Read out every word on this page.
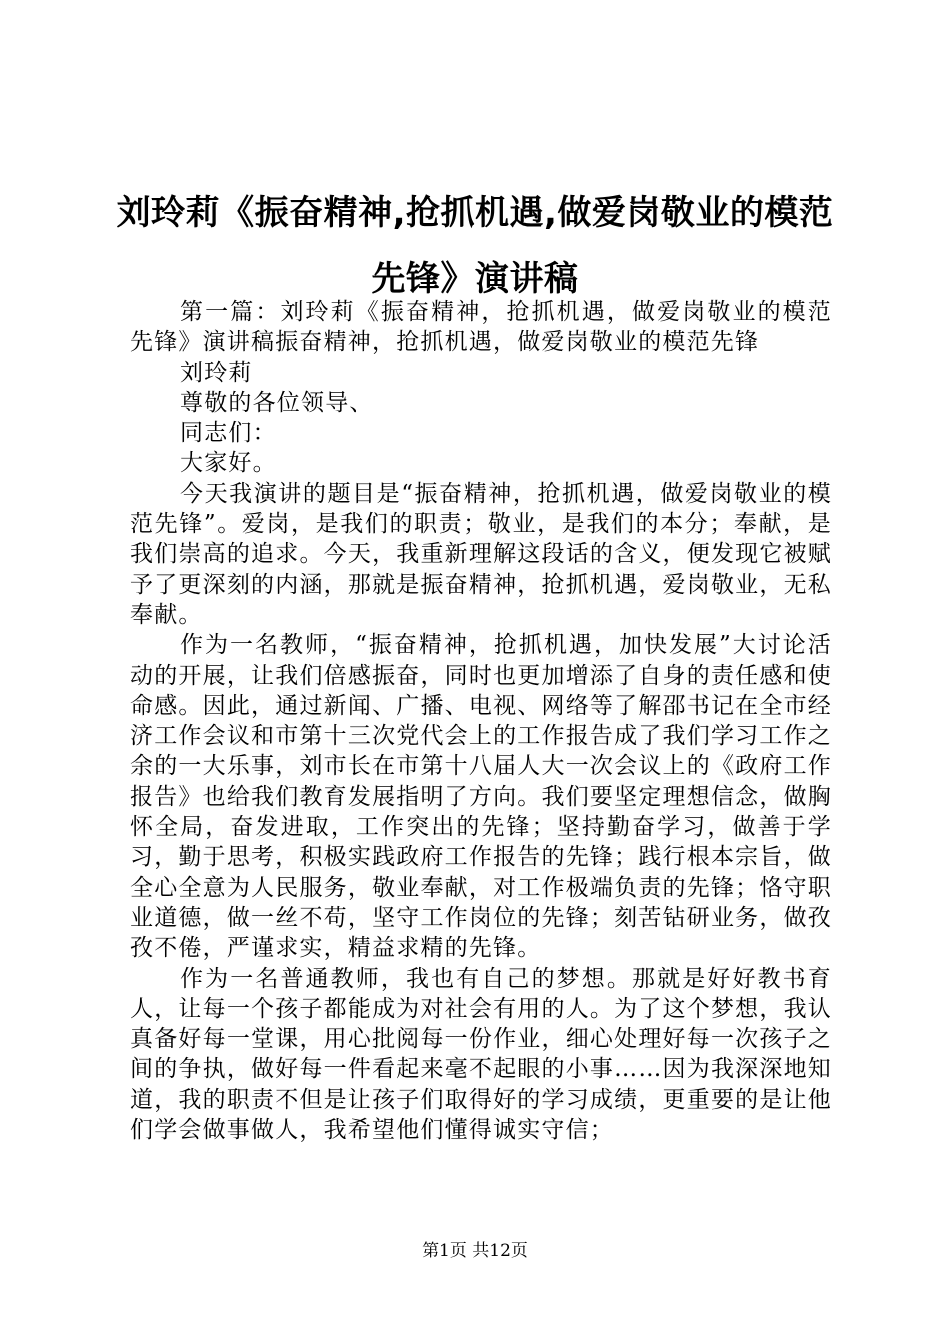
刘玲莉《振奋精神,抢抓机遇,做爱岗敬业的模范先锋》演讲稿

第一篇：刘玲莉《振奋精神，抢抓机遇，做爱岗敬业的模范先锋》演讲稿振奋精神，抢抓机遇，做爱岗敬业的模范先锋

刘玲莉

尊敬的各位领导、

同志们：

大家好。

今天我演讲的题目是“振奋精神，抢抓机遇，做爱岗敬业的模范先锋”。爱岗，是我们的职责；敬业，是我们的本分；奉献，是我们崇高的追求。今天，我重新理解这段话的含义，便发现它被赋予了更深刻的内涵，那就是振奋精神，抢抓机遇，爱岗敬业，无私奉献。

作为一名教师，“振奋精神，抢抓机遇，加快发展”大讨论活动的开展，让我们倍感振奋，同时也更加增添了自身的责任感和使命感。因此，通过新闻、广播、电视、网络等了解邵书记在全市经济工作会议和市第十三次党代会上的工作报告成了我们学习工作之余的一大乐事，刘市长在市第十八届人大一次会议上的《政府工作报告》也给我们教育发展指明了方向。我们要坚定理想信念，做胸怀全局，奋发进取，工作突出的先锋；坚持勤奋学习，做善于学习，勤于思考，积极实践政府工作报告的先锋；践行根本宗旨，做全心全意为人民服务，敬业奉献，对工作极端负责的先锋；恪守职业道德，做一丝不苟，坚守工作岗位的先锋；刻苦钻研业务，做孜孜不倦，严谨求实，精益求精的先锋。

作为一名普通教师，我也有自己的梦想。那就是好好教书育人，让每一个孩子都能成为对社会有用的人。为了这个梦想，我认真备好每一堂课，用心批阅每一份作业，细心处理好每一次孩子之间的争执，做好每一件看起来毫不起眼的小事……因为我深深地知道，我的职责不但是让孩子们取得好的学习成绩，更重要的是让他们学会做事做人，我希望他们懂得诚实守信；

第1页 共12页
